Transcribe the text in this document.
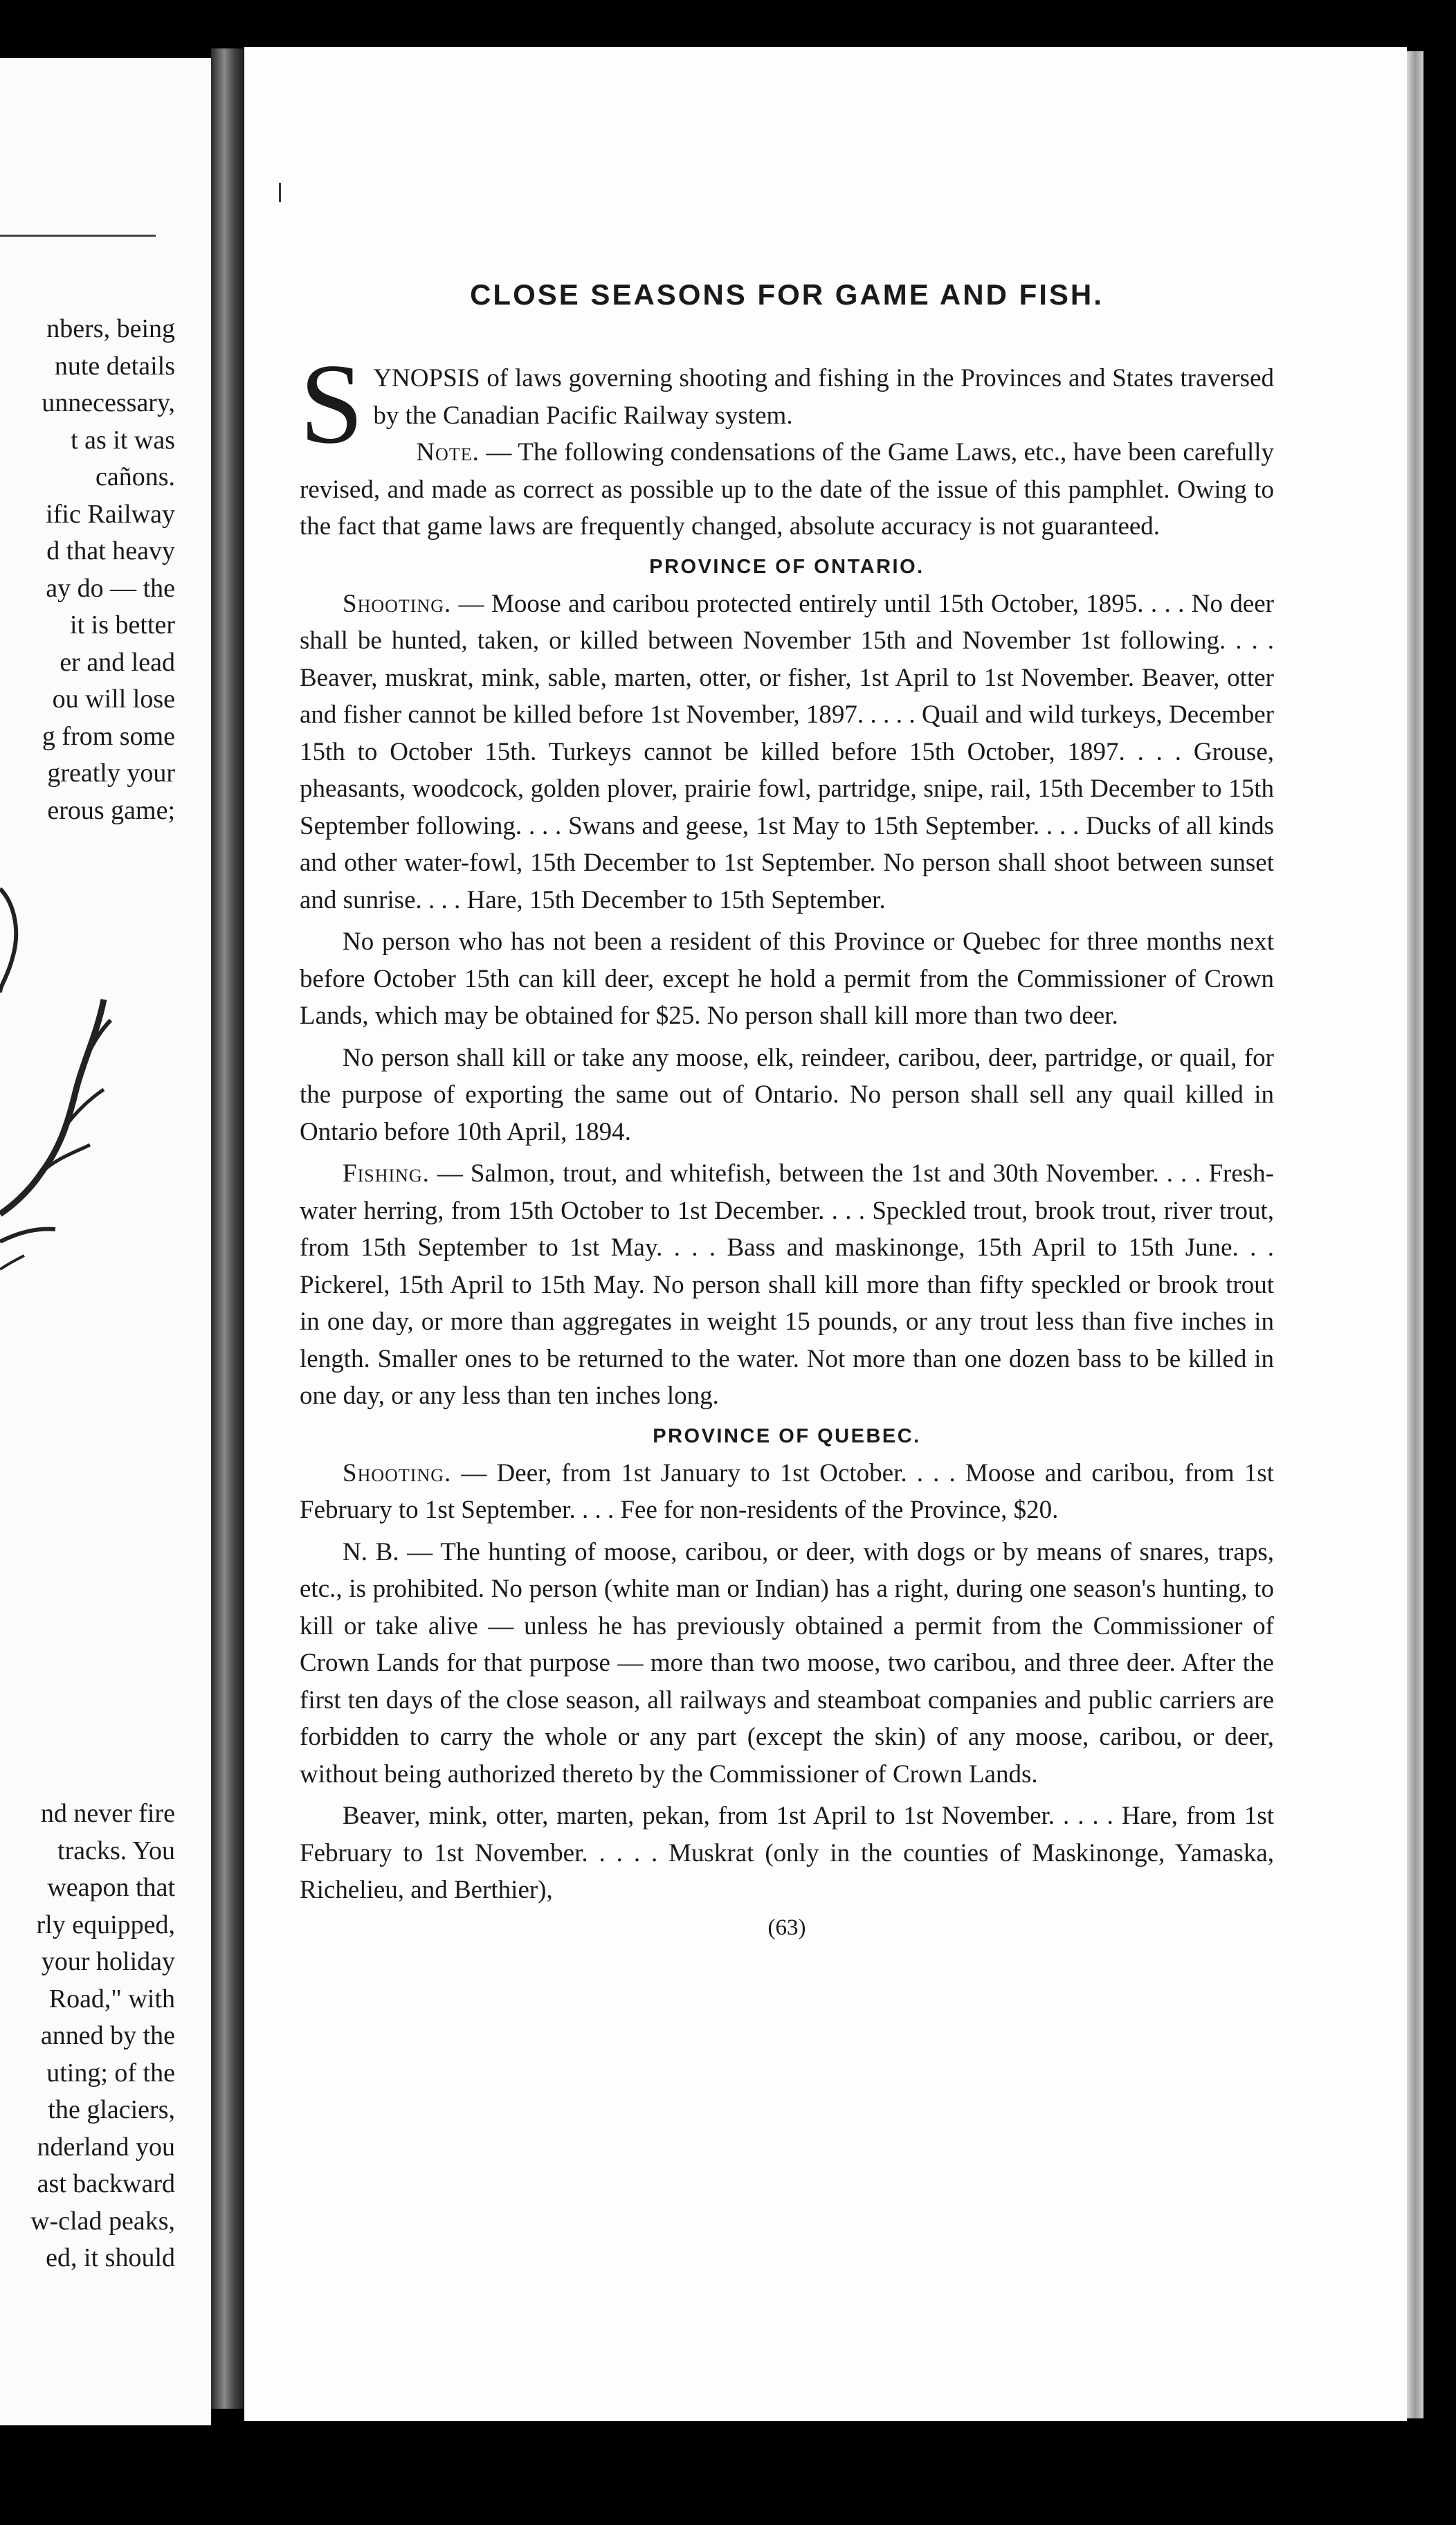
nbers, being
nute details
unnecessary,
t as it was
cañons.
ific Railway
d that heavy
ay do — the
it is better
er and lead
ou will lose
g from some
greatly your
erous game;
nd never fire
tracks. You
weapon that
rly equipped,
your holiday
Road," with
anned by the
uting; of the
the glaciers,
nderland you
ast backward
w-clad peaks,
ed, it should

CLOSE SEASONS FOR GAME AND FISH.

SYNOPSIS of laws governing shooting and fishing in the Provinces and States traversed by the Canadian Pacific Railway system.
Note. — The following condensations of the Game Laws, etc., have been carefully revised, and made as correct as possible up to the date of the issue of this pamphlet. Owing to the fact that game laws are frequently changed, absolute accuracy is not guaranteed.

PROVINCE OF ONTARIO.

Shooting. — Moose and caribou protected entirely until 15th October, 1895. . . . No deer shall be hunted, taken, or killed between November 15th and November 1st following. . . . Beaver, muskrat, mink, sable, marten, otter, or fisher, 1st April to 1st November. Beaver, otter and fisher cannot be killed before 1st November, 1897. . . . . Quail and wild turkeys, December 15th to October 15th. Turkeys cannot be killed before 15th October, 1897. . . . Grouse, pheasants, woodcock, golden plover, prairie fowl, partridge, snipe, rail, 15th December to 15th September following. . . . Swans and geese, 1st May to 15th September. . . . Ducks of all kinds and other water-fowl, 15th December to 1st September. No person shall shoot between sunset and sunrise. . . . Hare, 15th December to 15th September.

No person who has not been a resident of this Province or Quebec for three months next before October 15th can kill deer, except he hold a permit from the Commissioner of Crown Lands, which may be obtained for $25. No person shall kill more than two deer.

No person shall kill or take any moose, elk, reindeer, caribou, deer, partridge, or quail, for the purpose of exporting the same out of Ontario. No person shall sell any quail killed in Ontario before 10th April, 1894.

Fishing. — Salmon, trout, and whitefish, between the 1st and 30th November. . . . Fresh-water herring, from 15th October to 1st December. . . . Speckled trout, brook trout, river trout, from 15th September to 1st May. . . . Bass and maskinonge, 15th April to 15th June. . . Pickerel, 15th April to 15th May. No person shall kill more than fifty speckled or brook trout in one day, or more than aggregates in weight 15 pounds, or any trout less than five inches in length. Smaller ones to be returned to the water. Not more than one dozen bass to be killed in one day, or any less than ten inches long.

PROVINCE OF QUEBEC.

Shooting. — Deer, from 1st January to 1st October. . . . Moose and caribou, from 1st February to 1st September. . . . Fee for non-residents of the Province, $20.

N. B. — The hunting of moose, caribou, or deer, with dogs or by means of snares, traps, etc., is prohibited. No person (white man or Indian) has a right, during one season's hunting, to kill or take alive — unless he has previously obtained a permit from the Commissioner of Crown Lands for that purpose — more than two moose, two caribou, and three deer. After the first ten days of the close season, all railways and steamboat companies and public carriers are forbidden to carry the whole or any part (except the skin) of any moose, caribou, or deer, without being authorized thereto by the Commissioner of Crown Lands.

Beaver, mink, otter, marten, pekan, from 1st April to 1st November. . . . . Hare, from 1st February to 1st November. . . . . Muskrat (only in the counties of Maskinonge, Yamaska, Richelieu, and Berthier),

(63)
